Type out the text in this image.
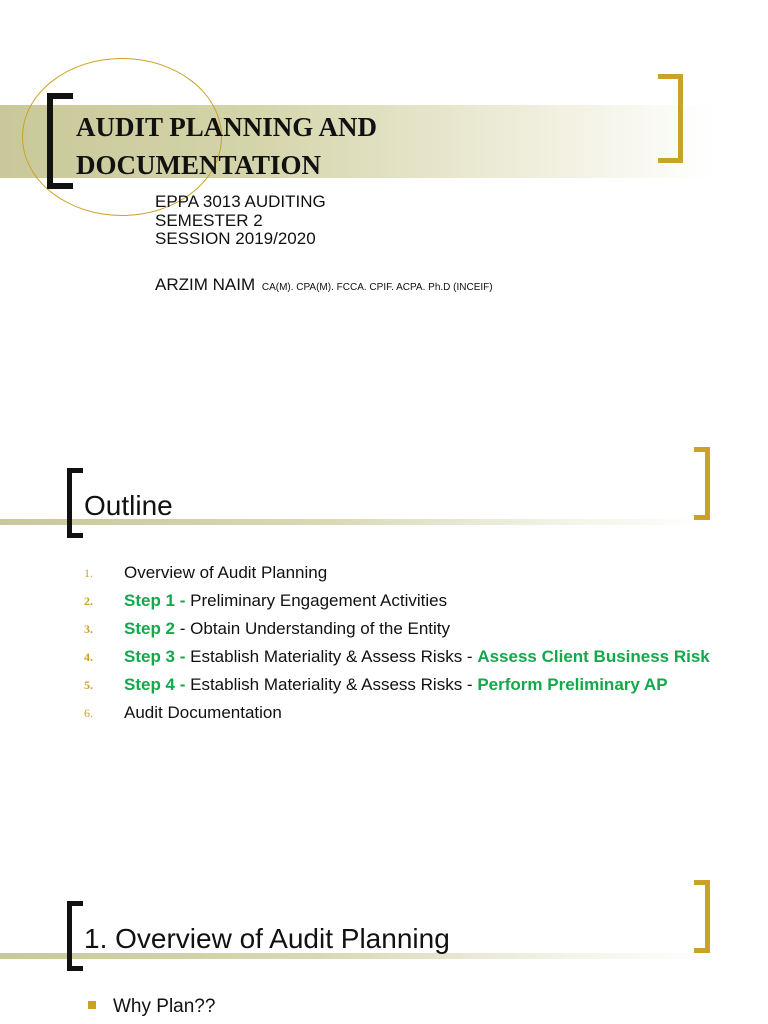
AUDIT PLANNING AND
DOCUMENTATION
EPPA 3013 AUDITING
SEMESTER 2
SESSION 2019/2020
ARZIM NAIM CA(M). CPA(M). FCCA. CPIF. ACPA. Ph.D (INCEIF)
Outline
1. Overview of Audit Planning
2. Step 1 - Preliminary Engagement Activities
3. Step 2 - Obtain Understanding of the Entity
4. Step 3 - Establish Materiality & Assess Risks - Assess Client Business Risk
5. Step 4 - Establish Materiality & Assess Risks - Perform Preliminary AP
6. Audit Documentation
1. Overview of Audit Planning
Why Plan??
